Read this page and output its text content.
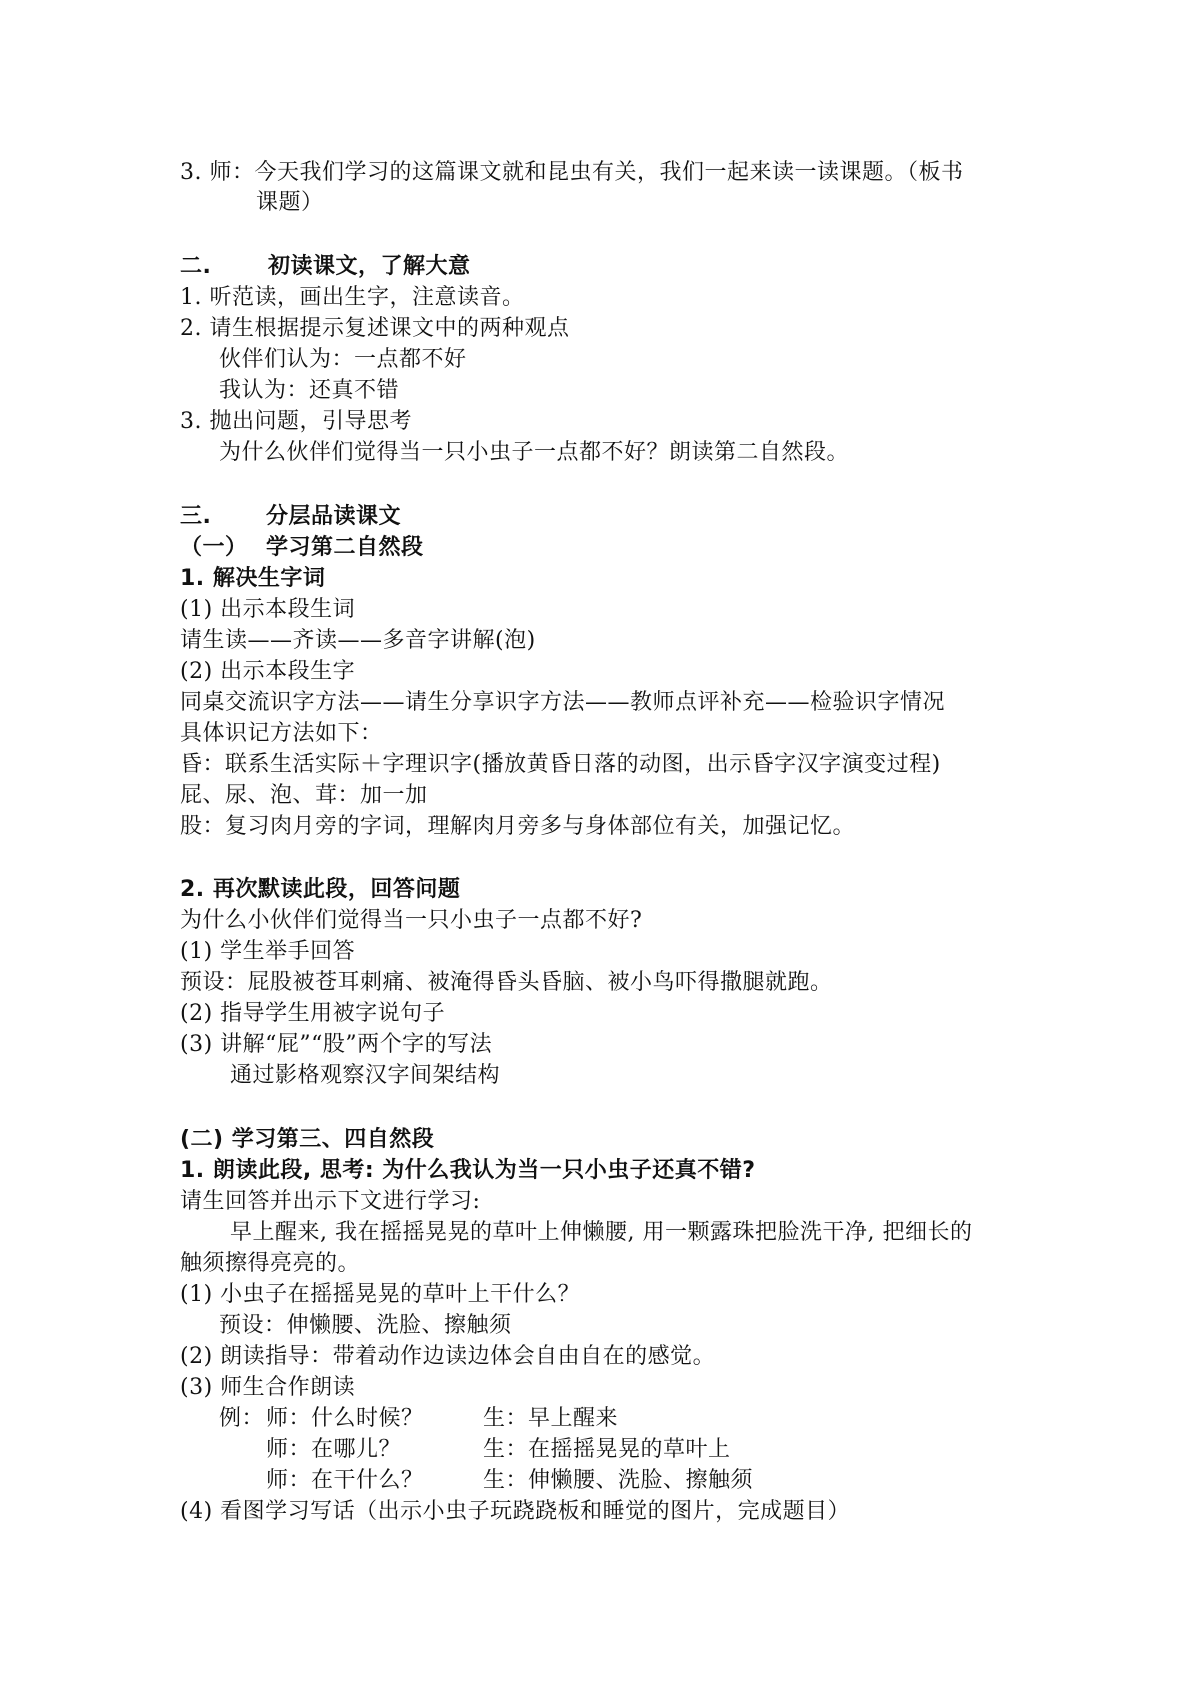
3. 师：今天我们学习的这篇课文就和昆虫有关，我们一起来读一读课题。（板书
课题）
二.	初读课文，了解大意
1. 听范读，画出生字，注意读音。
2. 请生根据提示复述课文中的两种观点
伙伴们认为：一点都不好
我认为：还真不错
3. 抛出问题，引导思考
为什么伙伴们觉得当一只小虫子一点都不好？朗读第二自然段。
三. 分层品读课文
（一） 学习第二自然段
1. 解决生字词
(1) 出示本段生词
请生读——齐读——多音字讲解(泡)
(2) 出示本段生字
同桌交流识字方法——请生分享识字方法——教师点评补充——检验识字情况
具体识记方法如下：
昏：联系生活实际＋字理识字(播放黄昏日落的动图，出示昏字汉字演变过程)
屁、尿、泡、茸：加一加
股：复习肉月旁的字词，理解肉月旁多与身体部位有关，加强记忆。
2. 再次默读此段，回答问题
为什么小伙伴们觉得当一只小虫子一点都不好?
(1) 学生举手回答
预设：屁股被苍耳刺痛、被淹得昏头昏脑、被小鸟吓得撒腿就跑。
(2) 指导学生用被字说句子
(3) 讲解“屁”“股”两个字的写法
通过影格观察汉字间架结构
(二) 学习第三、四自然段
1. 朗读此段, 思考: 为什么我认为当一只小虫子还真不错?
请生回答并出示下文进行学习:
早上醒来, 我在摇摇晃晃的草叶上伸懒腰, 用一颗露珠把脸洗干净, 把细长的
触须擦得亮亮的。
(1) 小虫子在摇摇晃晃的草叶上干什么？
预设：伸懒腰、洗脸、擦触须
(2) 朗读指导：带着动作边读边体会自由自在的感觉。
(3) 师生合作朗读
例： 师：什么时候？	生：早上醒来
师：在哪儿？	生：在摇摇晃晃的草叶上
师：在干什么？	生：伸懒腰、洗脸、擦触须
(4) 看图学习写话（出示小虫子玩跷跷板和睡觉的图片，完成题目）
